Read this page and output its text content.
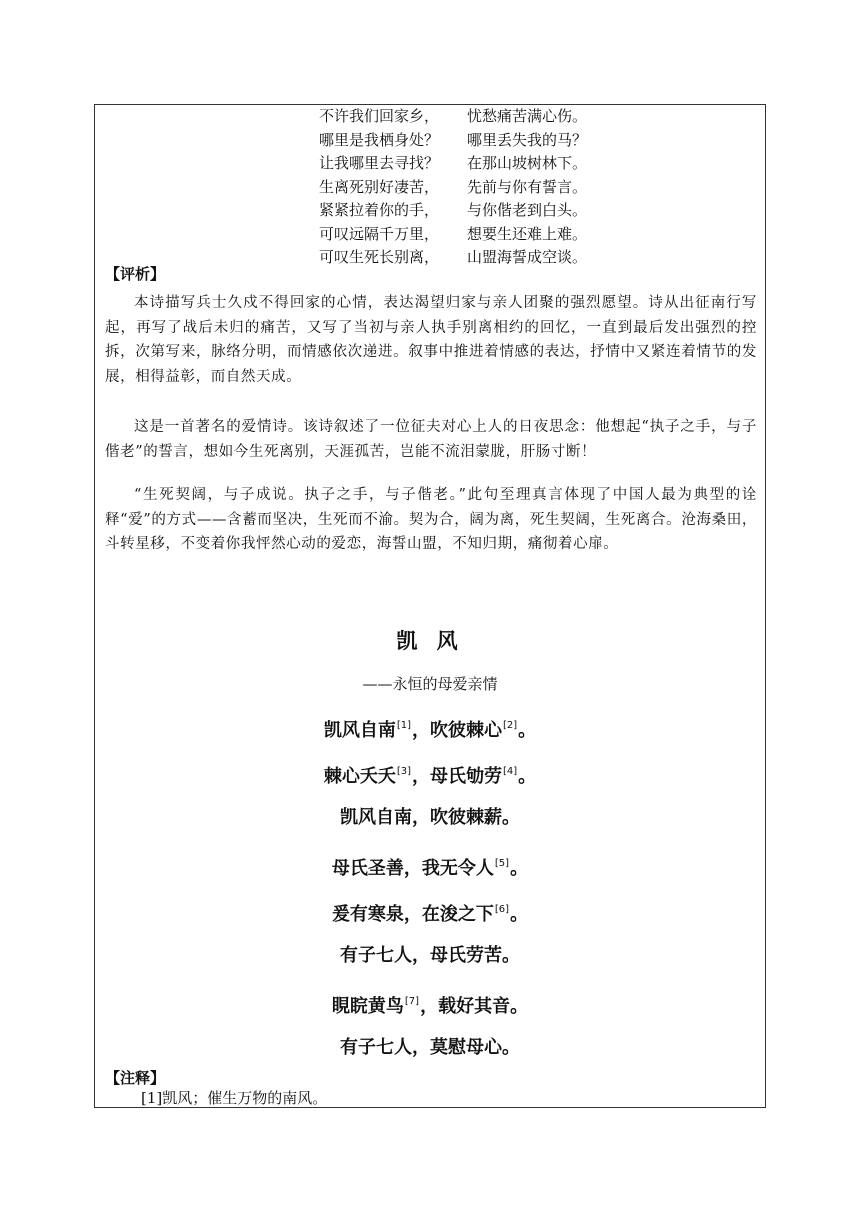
不许我们回家乡， 忧愁痛苦满心伤。
哪里是我栖身处？ 哪里丢失我的马？
让我哪里去寻找？ 在那山坡树林下。
生离死别好凄苦， 先前与你有誓言。
紧紧拉着你的手， 与你偕老到白头。
可叹远隔千万里， 想要生还难上难。
可叹生死长别离， 山盟海誓成空谈。
【评析】

本诗描写兵士久戍不得回家的心情，表达渴望归家与亲人团聚的强烈愿望。诗从出征南行写起，再写了战后未归的痛苦，又写了当初与亲人执手别离相约的回忆，一直到最后发出强烈的控拆，次第写来，脉络分明，而情感依次递进。叙事中推进着情感的表达，抒情中又紧连着情节的发展，相得益彰，而自然天成。

这是一首著名的爱情诗。该诗叙述了一位征夫对心上人的日夜思念：他想起“执子之手，与子偕老”的誓言，想如今生死离别，天涯孤苦，岂能不流泪蒙胧，肝肠寸断！

“生死契阔，与子成说。执子之手，与子偕老。”此句至理真言体现了中国人最为典型的诠释“爱”的方式——含蓄而坚决，生死而不渝。契为合，阔为离，死生契阔，生死离合。沧海桑田，斗转星移，不变着你我怦然心动的爱恋，海誓山盟，不知归期，痛彻着心扉。

凯 风
——永恒的母爱亲情
凯风自南[1]，吹彼棘心[2]。
棘心夭夭[3]，母氏劬劳[4]。
凯风自南，吹彼棘薪。
母氏圣善，我无令人[5]。
爰有寒泉，在浚之下[6]。
有子七人，母氏劳苦。
睍睆黄鸟[7]，载好其音。
有子七人，莫慰母心。
【注释】
[1]凯风；催生万物的南风。
